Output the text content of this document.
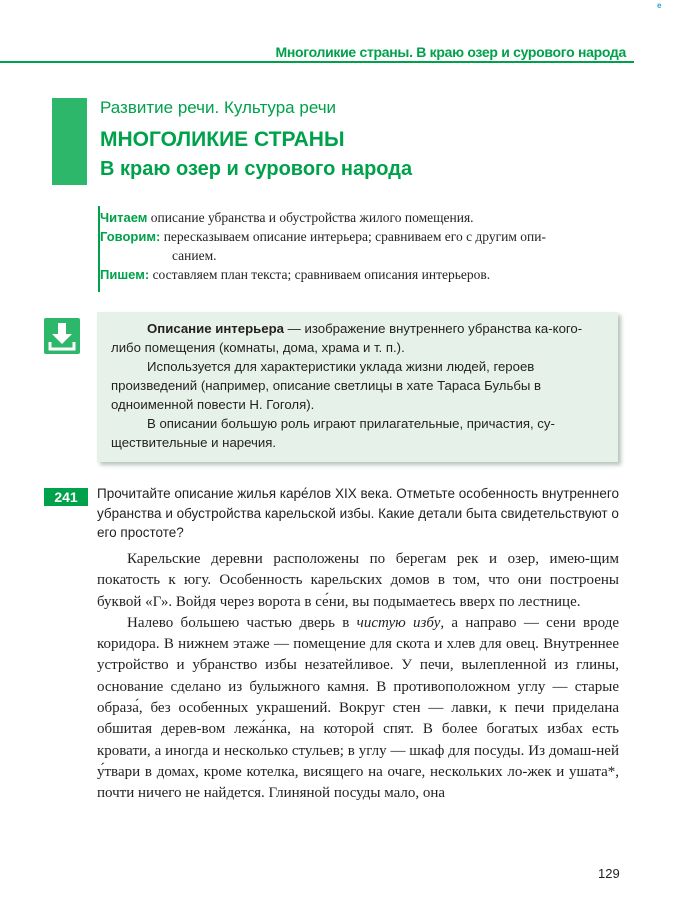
e
Многоликие страны. В краю озер и сурового народа
Развитие речи. Культура речи
МНОГОЛИКИЕ СТРАНЫ
В краю озер и сурового народа
Читаем описание убранства и обустройства жилого помещения.
Говорим: пересказываем описание интерьера; сравниваем его с другим опи-
санием.
Пишем: составляем план текста; сравниваем описания интерьеров.

Описание интерьера — изображение внутреннего убранства ка-кого-либо помещения (комнаты, дома, храма и т. п.).

Используется для характеристики уклада жизни людей, героев произведений (например, описание светлицы в хате Тараса Бульбы в одноименной повести Н. Гоголя).

В описании большую роль играют прилагательные, причастия, су-ществительные и наречия.

241	Прочитайте описание жилья каре́лов XIX века. Отметьте особенность внутреннего убранства и обустройства карельской избы. Какие детали быта свидетельствуют о его простоте?

Карельские деревни расположены по берегам рек и озер, имею-щим покатость к югу. Особенность карельских домов в том, что они построены буквой «Г». Войдя через ворота в се́ни, вы подымаетесь вверх по лестнице.

Налево большею частью дверь в чистую избу, а направо — сени вроде коридора. В нижнем этаже — помещение для скота и хлев для овец. Внутреннее устройство и убранство избы незатейливое. У печи, вылепленной из глины, основание сделано из булыжного камня. В противоположном углу — старые образа́, без особенных украшений. Вокруг стен — лавки, к печи приделана обшитая дерев-вом лежа́нка, на которой спят. В более богатых избах есть кровати, а иногда и несколько стульев; в углу — шкаф для посуды. Из домаш-ней у́твари в домах, кроме котелка, висящего на очаге, нескольких ло-жек и ушата*, почти ничего не найдется. Глиняной посуды мало, она

129
